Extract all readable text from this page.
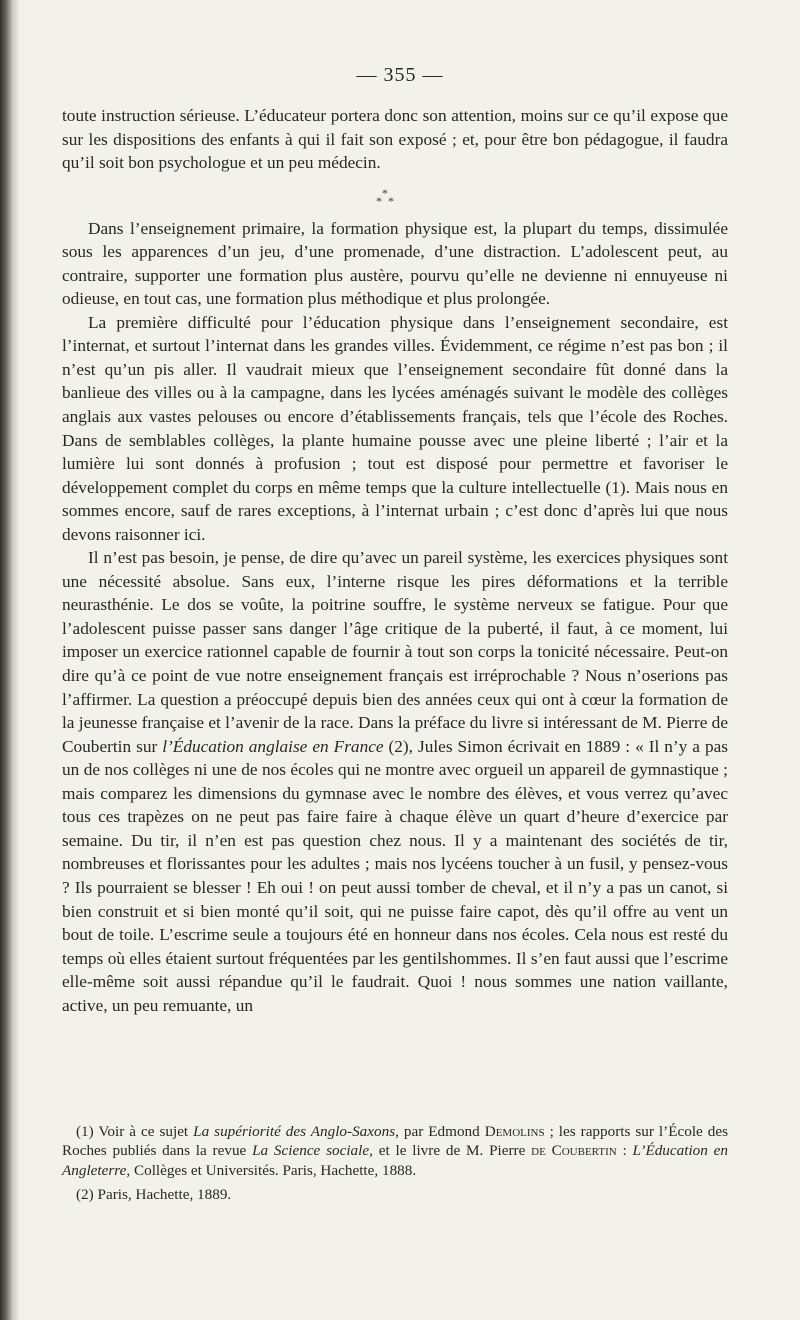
— 355 —

toute instruction sérieuse. L’éducateur portera donc son attention, moins sur ce qu’il expose que sur les dispositions des enfants à qui il fait son exposé ; et, pour être bon pédagogue, il faudra qu’il soit bon psychologue et un peu médecin.

*
* *

Dans l’enseignement primaire, la formation physique est, la plupart du temps, dissimulée sous les apparences d’un jeu, d’une promenade, d’une distraction. L’adolescent peut, au contraire, supporter une formation plus austère, pourvu qu’elle ne devienne ni ennuyeuse ni odieuse, en tout cas, une formation plus méthodique et plus prolongée.

La première difficulté pour l’éducation physique dans l’enseignement secondaire, est l’internat, et surtout l’internat dans les grandes villes. Évidemment, ce régime n’est pas bon ; il n’est qu’un pis aller. Il vaudrait mieux que l’enseignement secondaire fût donné dans la banlieue des villes ou à la campagne, dans les lycées aménagés suivant le modèle des collèges anglais aux vastes pelouses ou encore d’établissements français, tels que l’école des Roches. Dans de semblables collèges, la plante humaine pousse avec une pleine liberté ; l’air et la lumière lui sont donnés à profusion ; tout est disposé pour permettre et favoriser le développement complet du corps en même temps que la culture intellectuelle (1). Mais nous en sommes encore, sauf de rares exceptions, à l’internat urbain ; c’est donc d’après lui que nous devons raisonner ici.

Il n’est pas besoin, je pense, de dire qu’avec un pareil système, les exercices physiques sont une nécessité absolue. Sans eux, l’interne risque les pires déformations et la terrible neurasthénie. Le dos se voûte, la poitrine souffre, le système nerveux se fatigue. Pour que l’adolescent puisse passer sans danger l’âge critique de la puberté, il faut, à ce moment, lui imposer un exercice rationnel capable de fournir à tout son corps la tonicité nécessaire. Peut-on dire qu’à ce point de vue notre enseignement français est irréprochable ? Nous n’oserions pas l’affirmer. La question a préoccupé depuis bien des années ceux qui ont à cœur la formation de la jeunesse française et l’avenir de la race. Dans la préface du livre si intéressant de M. Pierre de Coubertin sur l’Éducation anglaise en France (2), Jules Simon écrivait en 1889 : « Il n’y a pas un de nos collèges ni une de nos écoles qui ne montre avec orgueil un appareil de gymnastique ; mais comparez les dimensions du gymnase avec le nombre des élèves, et vous verrez qu’avec tous ces trapèzes on ne peut pas faire faire à chaque élève un quart d’heure d’exercice par semaine. Du tir, il n’en est pas question chez nous. Il y a maintenant des sociétés de tir, nombreuses et florissantes pour les adultes ; mais nos lycéens toucher à un fusil, y pensez-vous ? Ils pourraient se blesser ! Eh oui ! on peut aussi tomber de cheval, et il n’y a pas un canot, si bien construit et si bien monté qu’il soit, qui ne puisse faire capot, dès qu’il offre au vent un bout de toile. L’escrime seule a toujours été en honneur dans nos écoles. Cela nous est resté du temps où elles étaient surtout fréquentées par les gentilshommes. Il s’en faut aussi que l’escrime elle-même soit aussi répandue qu’il le faudrait. Quoi ! nous sommes une nation vaillante, active, un peu remuante, un

(1) Voir à ce sujet La supériorité des Anglo-Saxons, par Edmond Demolins ; les rapports sur l’École des Roches publiés dans la revue La Science sociale, et le livre de M. Pierre de Coubertin : L’Éducation en Angleterre, Collèges et Universités. Paris, Hachette, 1888.

(2) Paris, Hachette, 1889.
